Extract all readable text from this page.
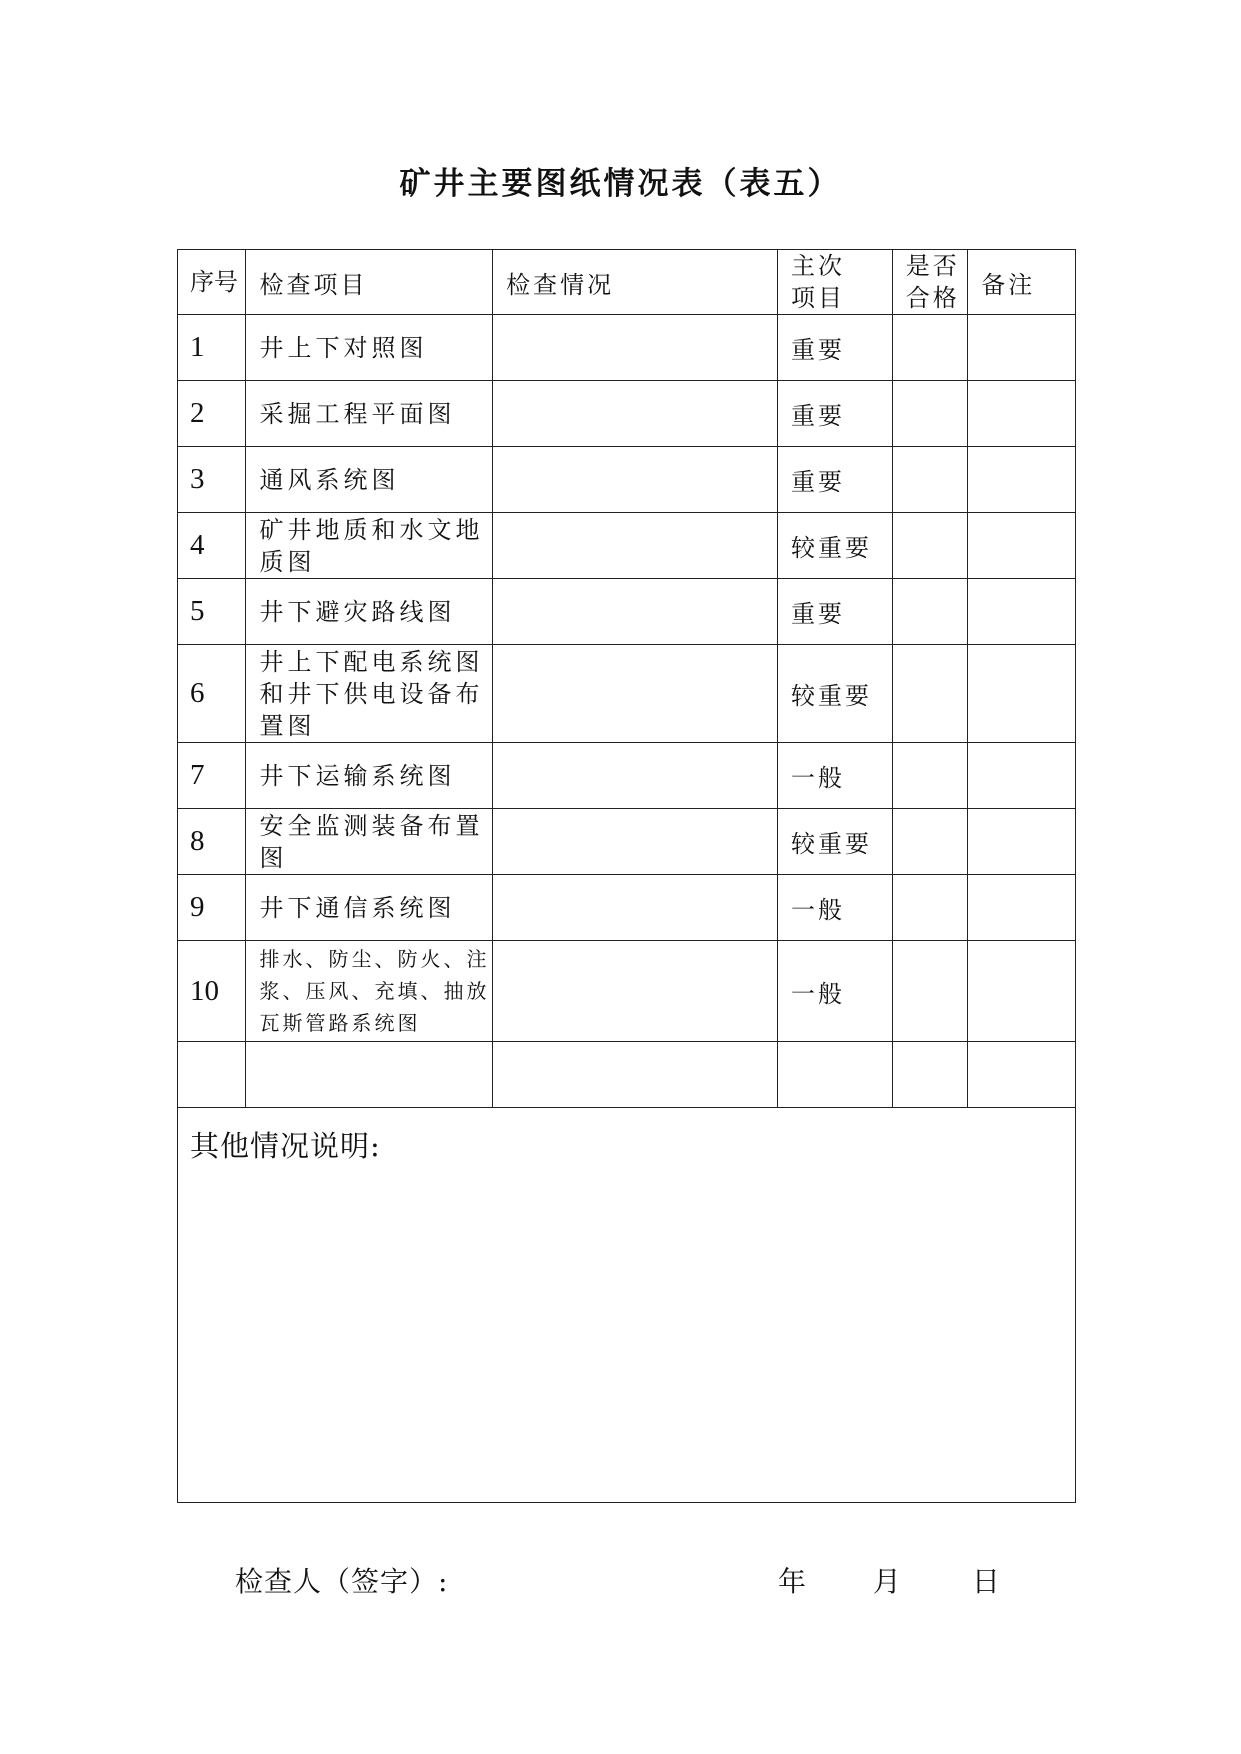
矿井主要图纸情况表（表五）
序号	检查项目	检查情况	主次项目	是否合格	备注
1	井上下对照图		重要		
2	采掘工程平面图		重要		
3	通风系统图		重要		
4	矿井地质和水文地质图		较重要		
5	井下避灾路线图		重要		
6	井上下配电系统图和井下供电设备布置图		较重要		
7	井下运输系统图		一般		
8	安全监测装备布置图		较重要		
9	井下通信系统图		一般		
10	排水、防尘、防火、注浆、压风、充填、抽放瓦斯管路系统图		一般		

其他情况说明:					
检查人（签字）:	年 月	日
